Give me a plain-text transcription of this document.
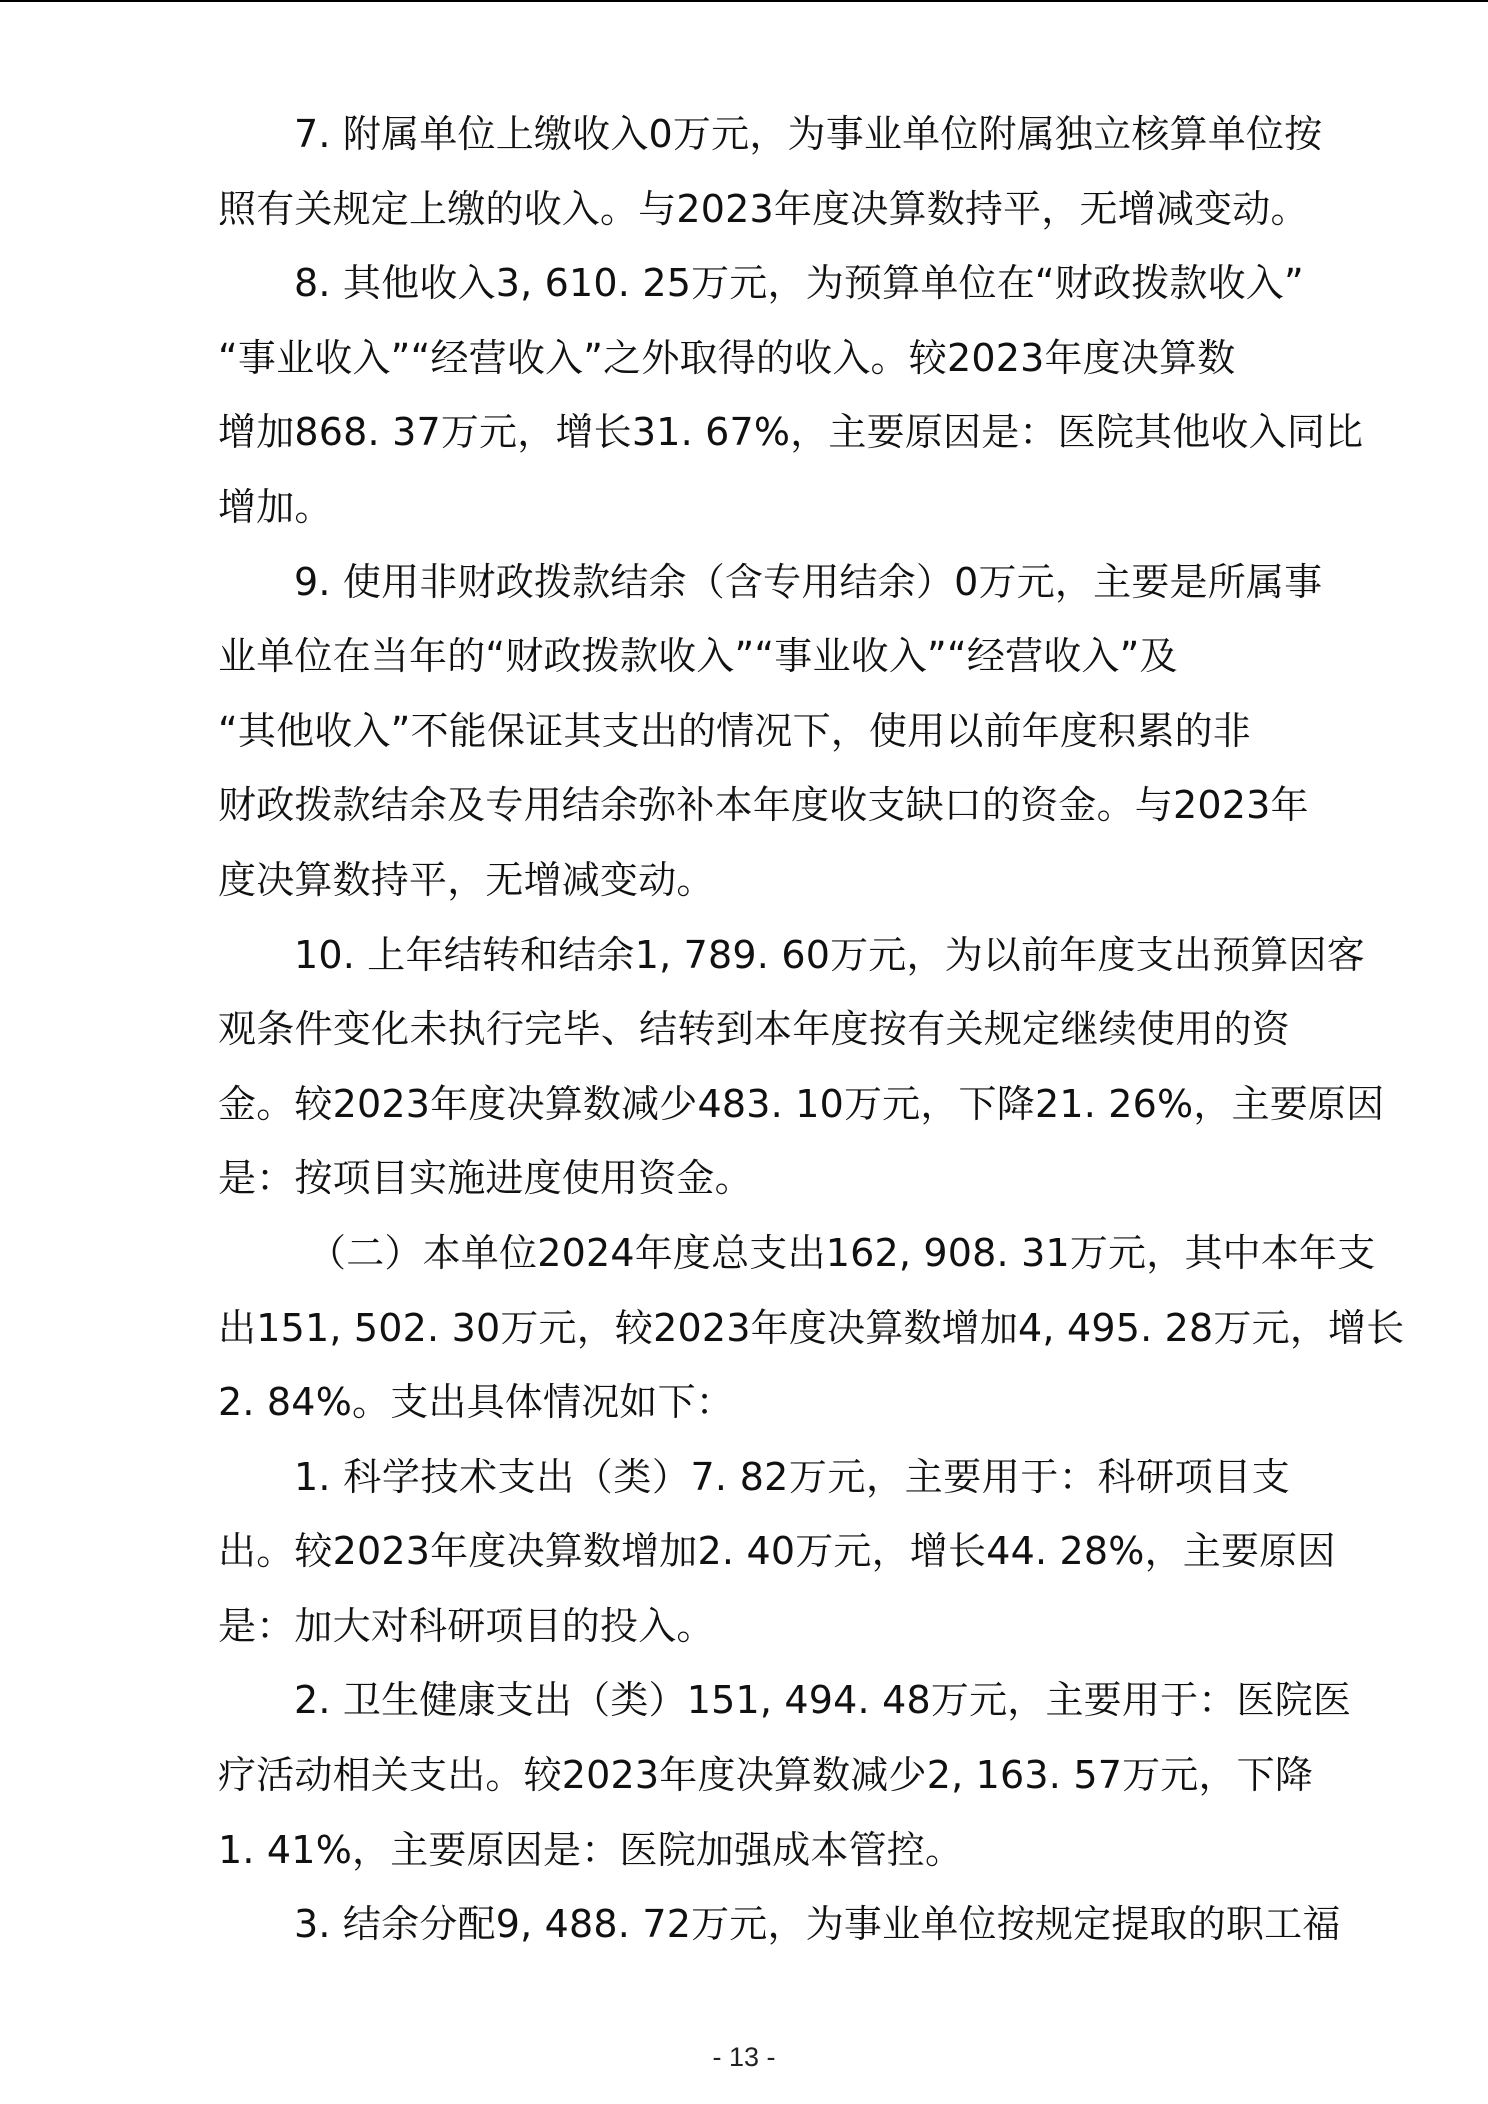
7. 附属单位上缴收入0万元，为事业单位附属独立核算单位按
照有关规定上缴的收入。与2023年度决算数持平，无增减变动。
8. 其他收入3, 610. 25万元，为预算单位在“财政拨款收入”
“事业收入”“经营收入”之外取得的收入。较2023年度决算数
增加868. 37万元，增长31. 67%，主要原因是：医院其他收入同比
增加。
9. 使用非财政拨款结余（含专用结余）0万元，主要是所属事
业单位在当年的“财政拨款收入”“事业收入”“经营收入”及
“其他收入”不能保证其支出的情况下，使用以前年度积累的非
财政拨款结余及专用结余弥补本年度收支缺口的资金。与2023年
度决算数持平，无增减变动。
10. 上年结转和结余1, 789. 60万元，为以前年度支出预算因客
观条件变化未执行完毕、结转到本年度按有关规定继续使用的资
金。较2023年度决算数减少483. 10万元，下降21. 26%，主要原因
是：按项目实施进度使用资金。
（二）本单位2024年度总支出162, 908. 31万元，其中本年支
出151, 502. 30万元，较2023年度决算数增加4, 495. 28万元，增长
2. 84%。支出具体情况如下：
1. 科学技术支出（类）7. 82万元，主要用于：科研项目支
出。较2023年度决算数增加2. 40万元，增长44. 28%，主要原因
是：加大对科研项目的投入。
2. 卫生健康支出（类）151, 494. 48万元，主要用于：医院医
疗活动相关支出。较2023年度决算数减少2, 163. 57万元，下降
1. 41%，主要原因是：医院加强成本管控。
3. 结余分配9, 488. 72万元，为事业单位按规定提取的职工福
- 13 -
